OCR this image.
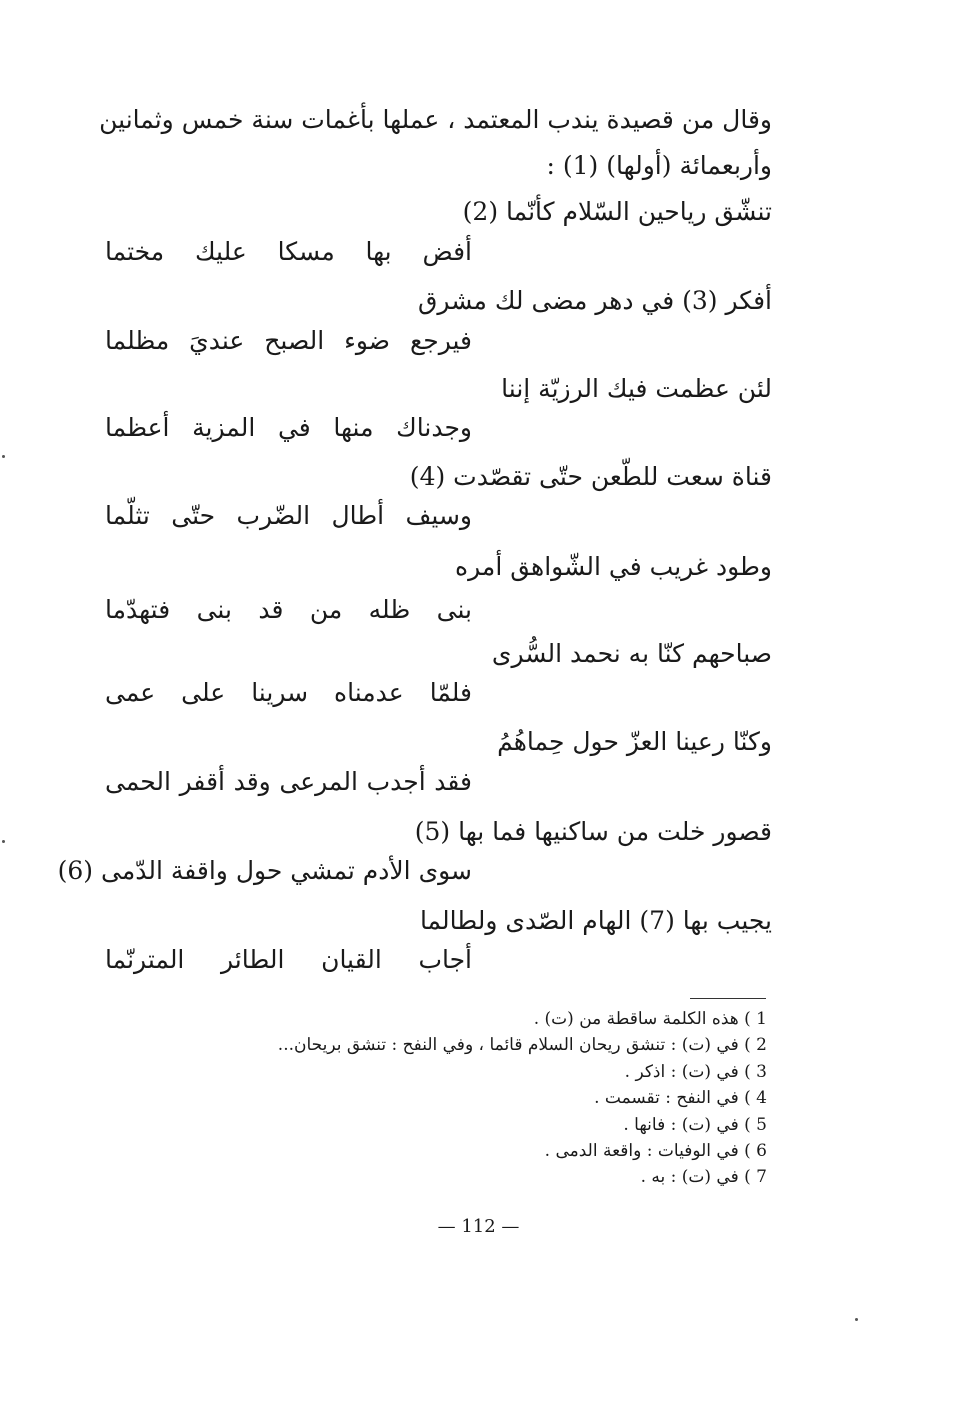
وقال من قصيدة يندب المعتمد ، عملها بأغمات سنة خمس وثمانين
وأربعمائة (أولها) (1) :
تنشّق رياحين السّلام كأنّما (2)
أفض بها مسكا عليك مختما
أفكر (3) في دهر مضى لك مشرق
فيرجع ضوء الصبح عنديَ مظلما
لئن عظمت فيك الرزيّة إننا
وجدناك منها في المزية أعظما
قناة سعت للطّعن حتّى تقصّدت (4)
وسيف أطال الضّرب حتّى تثلّما
وطود غريب في الشّواهق أمره
بنى ظله من قد بنى فتهدّما
صباحهم كنّا به نحمد السُّرى
فلمّا عدمناه سرينا على عمى
وكنّا رعينا العزّ حول حِماهُمُ
فقد أجدب المرعى وقد أقفر الحمى
قصور خلت من ساكنيها فما بها (5)
سوى الأدم تمشي حول واقفة الدّمى (6)
يجيب بها (7) الهام الصّدى ولطالما
أجاب القيان الطائر المترنّما
1 ) هذه الكلمة ساقطة من (ت) .
2 ) في (ت) : تنشق ريحان السلام قائما ، وفي النفح : تنشق بريحان...
3 ) في (ت) : اذكر .
4 ) في النفح : تقسمت .
5 ) في (ت) : فانها .
6 ) في الوفيات : واقعة الدمى .
7 ) في (ت) : به .
— 112 —
